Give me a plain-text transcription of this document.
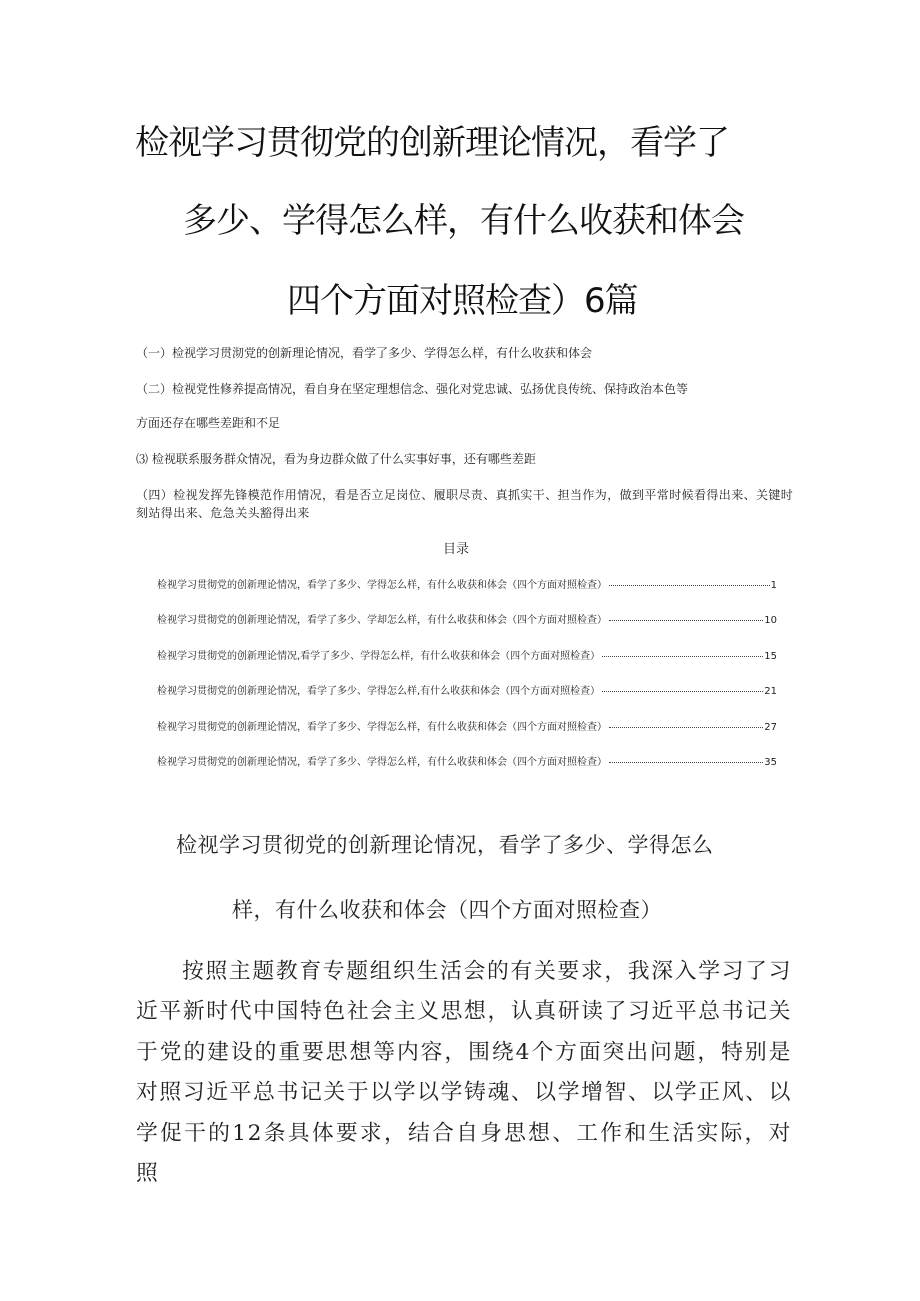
检视学习贯彻党的创新理论情况，看学了
多少、学得怎么样，有什么收获和体会
四个方面对照检查）6篇
（一）检视学习贯沏党的创新理论情况，看学了多少、学得怎么样，有什么收获和体会
（二）检视党性修养提高情况，看自身在坚定理想信念、强化对党忠诚、弘扬优良传统、保持政治本色等
方面还存在哪些差距和不足
⑶ 检视联系服务群众情况，看为身边群众做了什么实事好事，还有哪些差距
（四）检视发挥先锋模范作用情况，看是否立足岗位、履职尽责、真抓实干、担当作为，做到平常时候看得出来、关键时刻站得出来、危急关头豁得出来
目录
检视学习贯彻党的创新理论情况，看学了多少、学得怎么样，有什么收获和体会（四个方面对照检查）	1
检视学习贯彻党的创新理论情况，看学了多少、学却怎么样，有什么收获和体会（四个方面对照检查）	10
检视学习贯彻党的创新理论情况,看学了多少、学得怎么样，有什么收获和体会（四个方面对照检查）	15
检视学习贯彻党的创新理论情况，看学了多少、学得怎么样,有什么收获和体会（四个方面对照检查）	21
检视学习贯彻党的创新理论情况，看学了多少、学得怎么样，有什么收获和体会（四个方面对照检查）	27
检视学习贯彻党的创新理论情况，看学了多少、学得怎么样，有什么收获和体会（四个方面对照检查）	35
检视学习贯彻党的创新理论情况，看学了多少、学得怎么
样，有什么收获和体会（四个方面对照检查）

按照主题教育专题组织生活会的有关要求，我深入学习了习近平新时代中国特色社会主义思想，认真研读了习近平总书记关于党的建设的重要思想等内容，围绕4个方面突出问题，特别是对照习近平总书记关于以学以学铸魂、以学增智、以学正风、以学促干的12条具体要求，结合自身思想、工作和生活实际，对照
